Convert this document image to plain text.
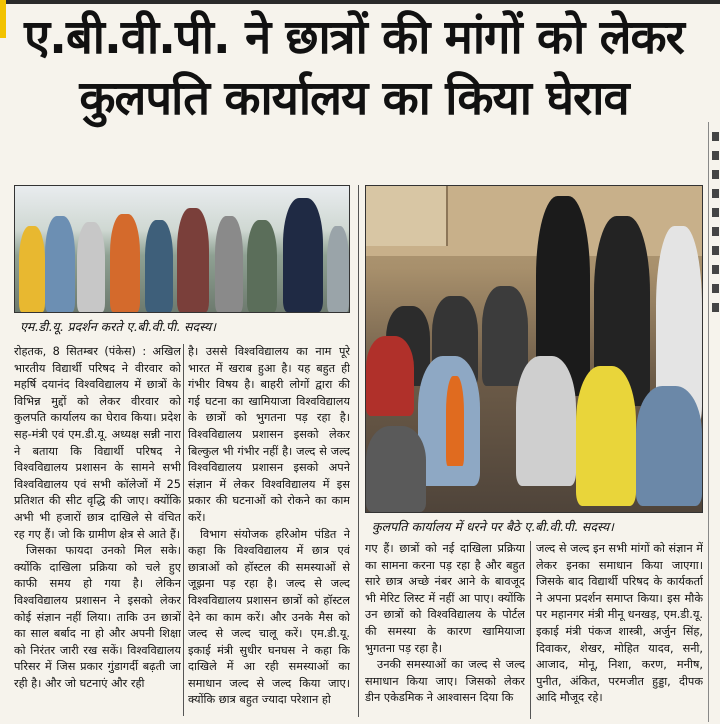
ए.बी.वी.पी. ने छात्रों की मांगों को लेकर
कुलपति कार्यालय का किया घेराव
एम.डी.यू. प्रदर्शन करते ए.बी.वी.पी. सदस्य।
कुलपति कार्यालय में धरने पर बैठे ए.बी.वी.पी. सदस्य।

रोहतक, 8 सितम्बर (पंकेस) : अखिल भारतीय विद्यार्थी परिषद ने वीरवार को महर्षि दयानंद विश्वविद्यालय में छात्रों के विभिन्न मुद्दों को लेकर वीरवार को कुलपति कार्यालय का घेराव किया। प्रदेश सह-मंत्री एवं एम.डी.यू. अध्यक्ष सन्नी नारा ने बताया कि विद्यार्थी परिषद ने विश्वविद्यालय प्रशासन के सामने सभी विश्वविद्यालय एवं सभी कॉलेजों में 25 प्रतिशत की सीट वृद्धि की जाए। क्योंकि अभी भी हजारों छात्र दाखिले से वंचित रह गए हैं। जो कि ग्रामीण क्षेत्र से आते हैं।

जिसका फायदा उनको मिल सके। क्योंकि दाखिला प्रक्रिया को चले हुए काफी समय हो गया है। लेकिन विश्वविद्यालय प्रशासन ने इसको लेकर कोई संज्ञान नहीं लिया। ताकि उन छात्रों का साल बर्बाद ना हो और अपनी शिक्षा को निरंतर जारी रख सकें। विश्वविद्यालय परिसर में जिस प्रकार गुंडागर्दी बढ़ती जा रही है। और जो घटनाएं और रही

है। उससे विश्वविद्यालय का नाम पूरे भारत में खराब हुआ है। यह बहुत ही गंभीर विषय है। बाहरी लोगों द्वारा की गई घटना का खामियाजा विश्वविद्यालय के छात्रों को भुगतना पड़ रहा है। विश्वविद्यालय प्रशासन इसको लेकर बिल्कुल भी गंभीर नहीं है। जल्द से जल्द विश्वविद्यालय प्रशासन इसको अपने संज्ञान में लेकर विश्वविद्यालय में इस प्रकार की घटनाओं को रोकने का काम करें।

विभाग संयोजक हरिओम पंडित ने कहा कि विश्वविद्यालय में छात्र एवं छात्राओं को हॉस्टल की समस्याओं से जूझना पड़ रहा है। जल्द से जल्द विश्वविद्यालय प्रशासन छात्रों को हॉस्टल देने का काम करें। और उनके मैस को जल्द से जल्द चालू करें। एम.डी.यू. इकाई मंत्री सुधीर घनघस ने कहा कि दाखिले में आ रही समस्याओं का समाधान जल्द से जल्द किया जाए। क्योंकि छात्र बहुत ज्यादा परेशान हो

गए हैं। छात्रों को नई दाखिला प्रक्रिया का सामना करना पड़ रहा है और बहुत सारे छात्र अच्छे नंबर आने के बावजूद भी मेरिट लिस्ट में नहीं आ पाए। क्योंकि उन छात्रों को विश्वविद्यालय के पोर्टल की समस्या के कारण खामियाजा भुगतना पड़ रहा है।

उनकी समस्याओं का जल्द से जल्द समाधान किया जाए। जिसको लेकर डीन एकेडमिक ने आश्वासन दिया कि

जल्द से जल्द इन सभी मांगों को संज्ञान में लेकर इनका समाधान किया जाएगा। जिसके बाद विद्यार्थी परिषद के कार्यकर्ता ने अपना प्रदर्शन समाप्त किया। इस मौके पर महानगर मंत्री मीनू धनखड़, एम.डी.यू. इकाई मंत्री पंकज शास्त्री, अर्जुन सिंह, दिवाकर, शेखर, मोहित यादव, सनी, आजाद, मोनू, निशा, करण, मनीष, पुनीत, अंकित, परमजीत हुड्डा, दीपक आदि मौजूद रहे।
